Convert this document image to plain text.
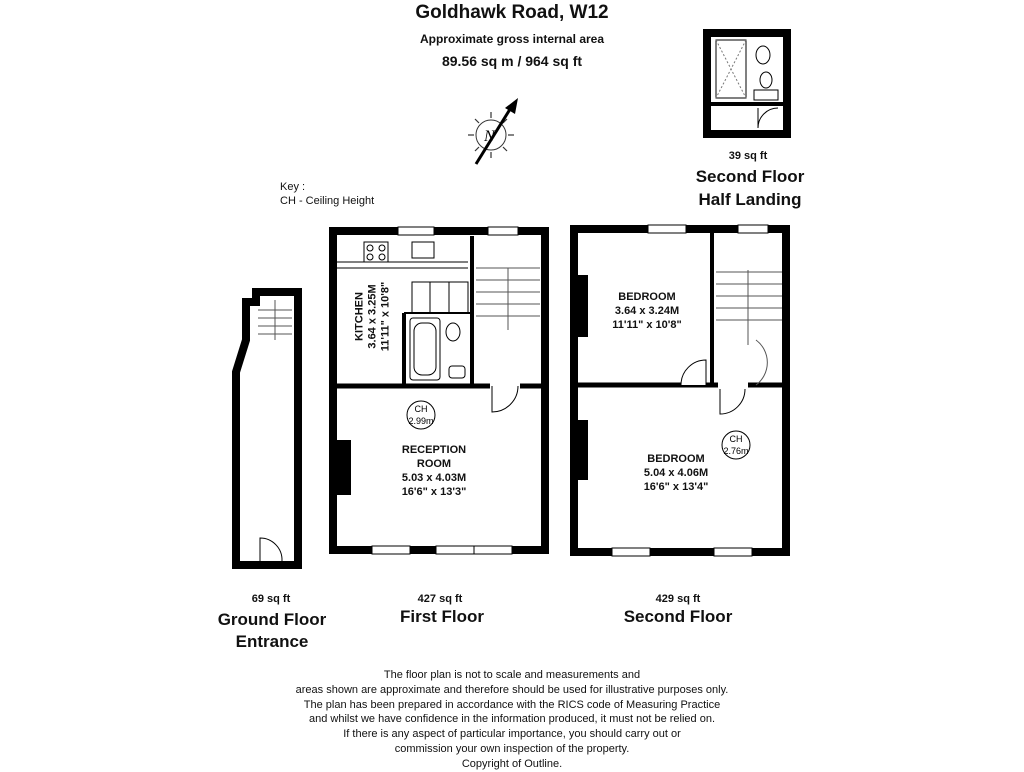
Goldhawk Road, W12
Approximate gross internal area
89.56 sq m / 964 sq ft
Key :
CH - Ceiling Height
N
CH
2.99m
CH
2.76m
KITCHEN 3.64 x 3.25M 11'11" x 10'8"
RECEPTION
ROOM
5.03 x 4.03M
16'6" x 13'3"
BEDROOM
3.64 x 3.24M
11'11" x 10'8"
BEDROOM
5.04 x 4.06M
16'6" x 13'4"
69 sq ft
Ground Floor
Entrance
427 sq ft
First Floor
429 sq ft
Second Floor
39 sq ft
Second Floor
Half Landing
The floor plan is not to scale and measurements and
areas shown are approximate and therefore should be used for illustrative purposes only.
The plan has been prepared in accordance with the RICS code of Measuring Practice
and whilst we have confidence in the information produced, it must not be relied on.
If there is any aspect of particular importance, you should carry out or
commission your own inspection of the property.
Copyright of Outline.
